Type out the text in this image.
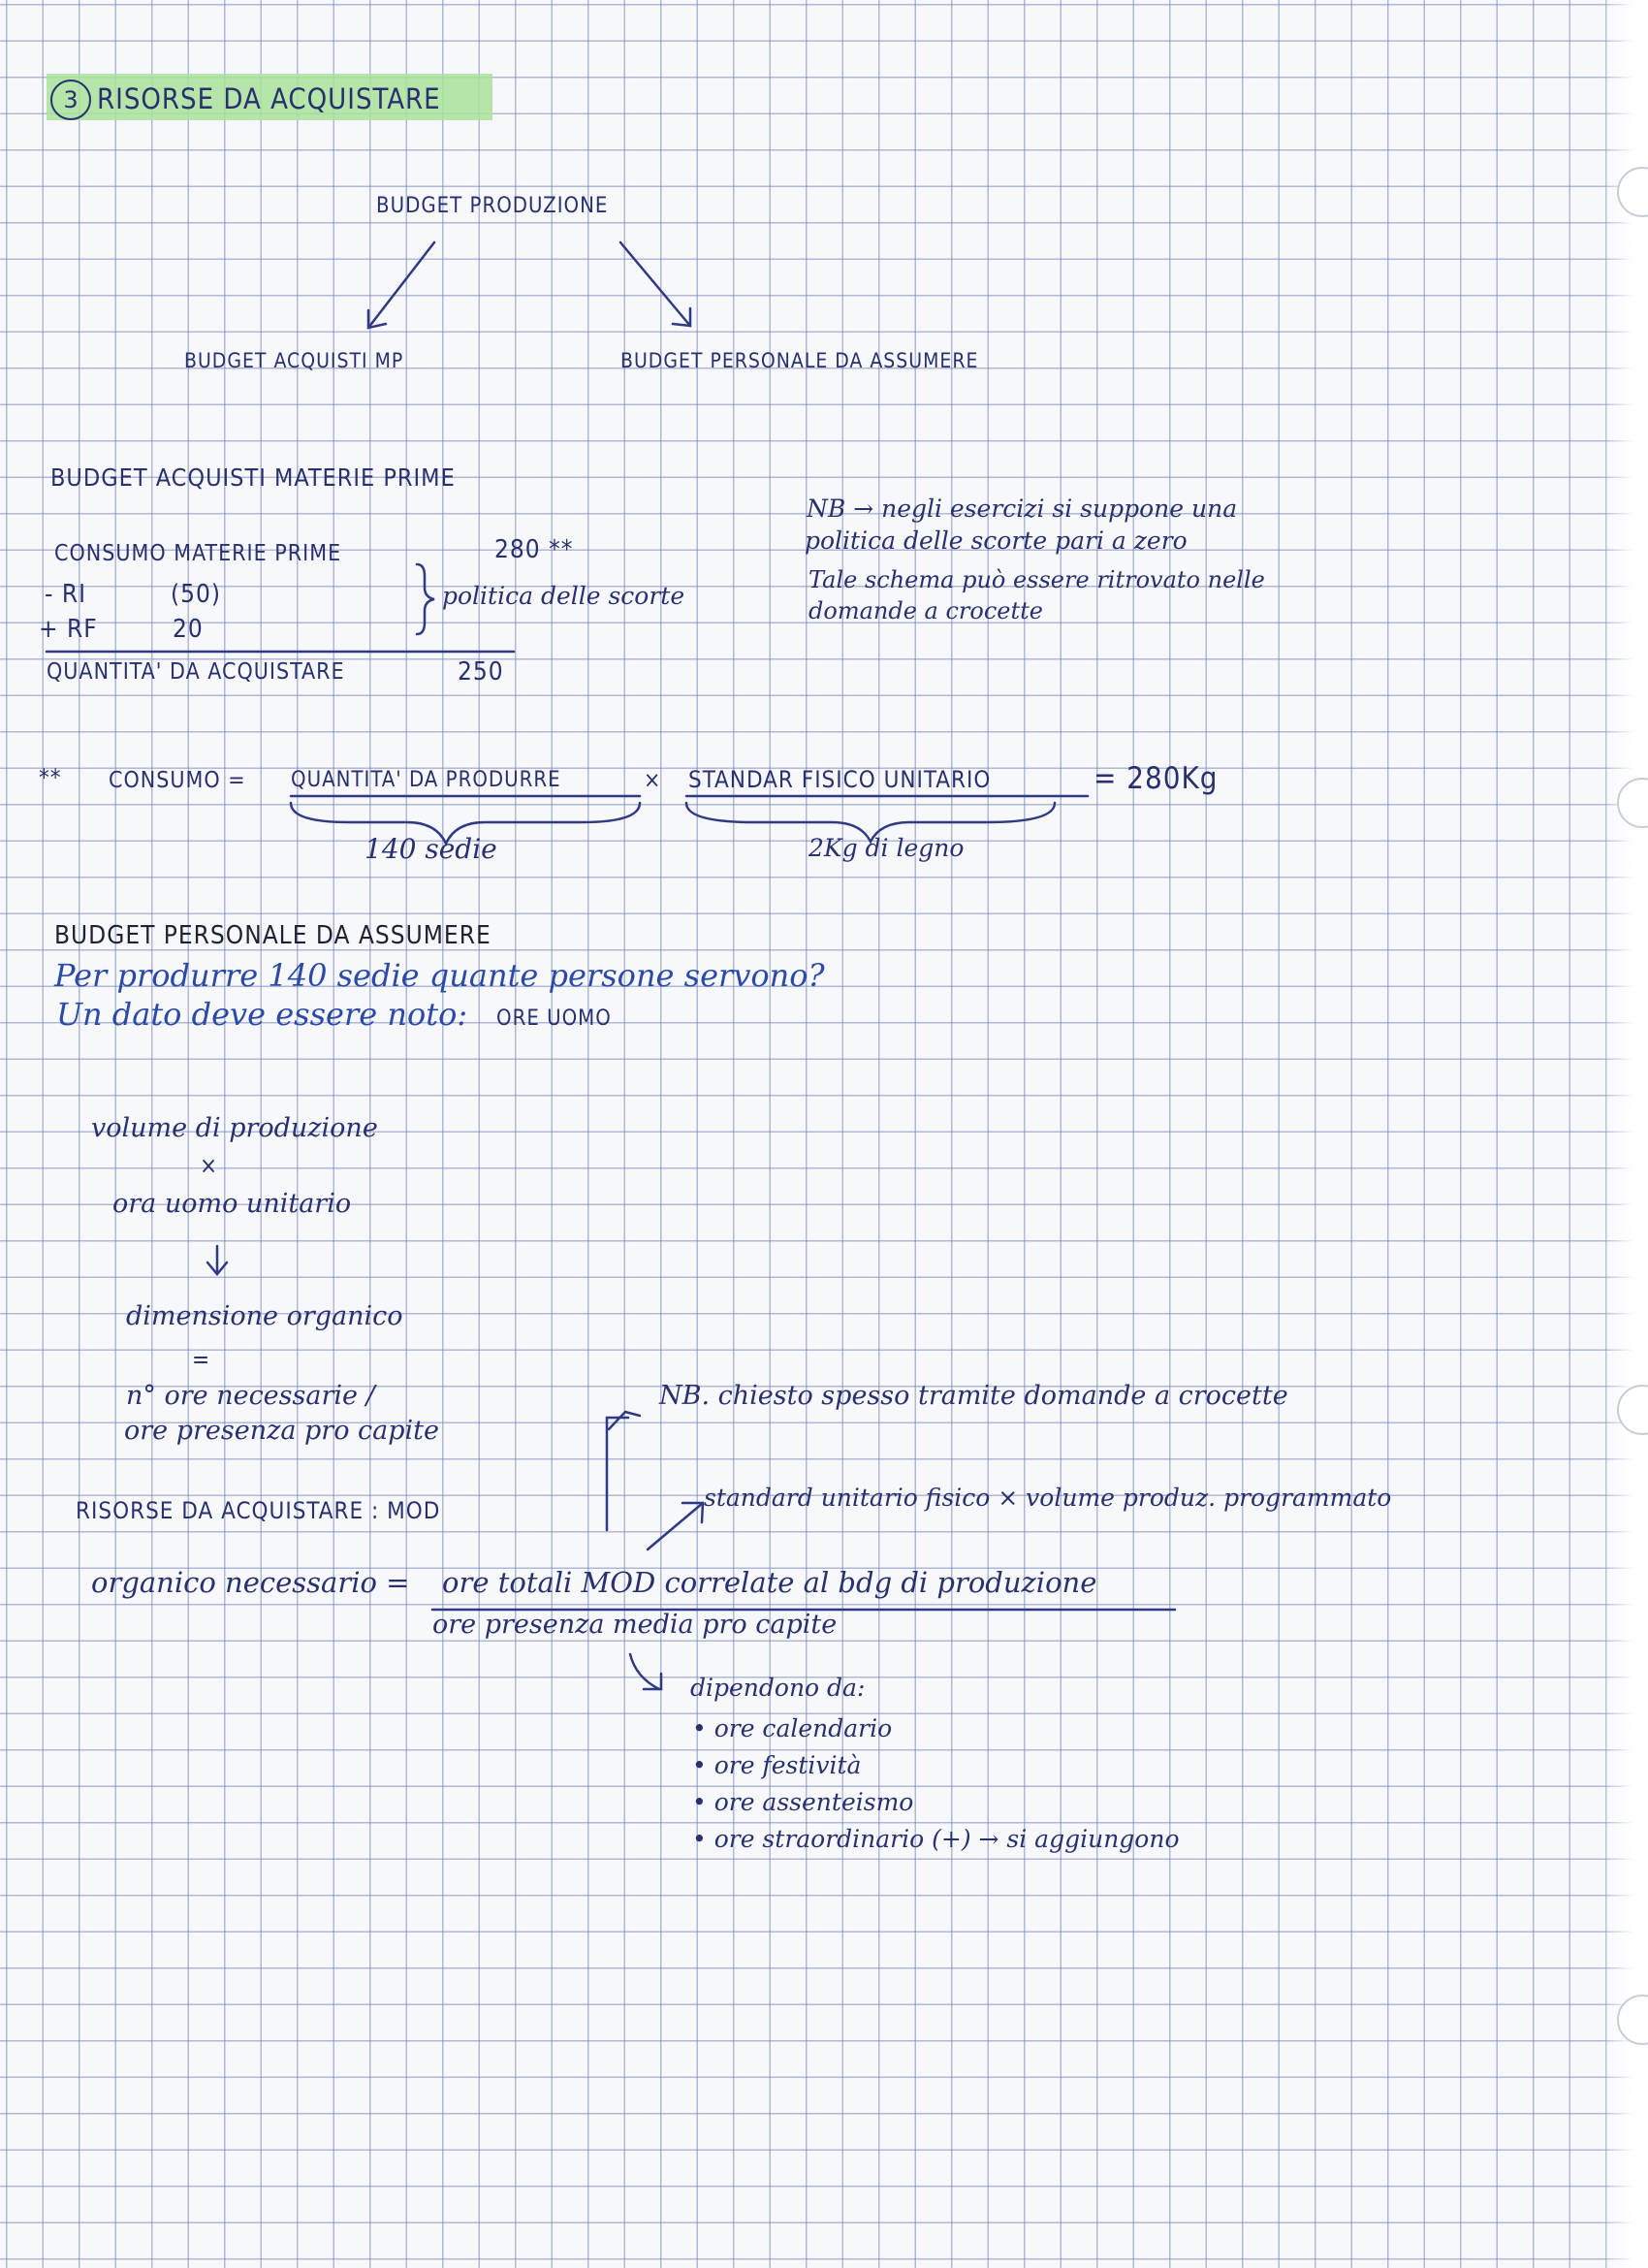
3 RISORSE DA ACQUISTARE
BUDGET PRODUZIONE
BUDGET ACQUISTI MP	BUDGET PERSONALE DA ASSUMERE
BUDGET ACQUISTI MATERIE PRIME
CONSUMO MATERIE PRIME	280 **
- RI	(50)
+ RF	20
politica delle scorte
QUANTITA' DA ACQUISTARE	250
NB → negli esercizi si suppone una
politica delle scorte pari a zero
Tale schema può essere ritrovato nelle
domande a crocette
** CONSUMO = QUANTITA' DA PRODURRE	× STANDAR FISICO UNITARIO	= 280Kg
140 sedie	2Kg di legno
BUDGET PERSONALE DA ASSUMERE
Per produrre 140 sedie quante persone servono?
Un dato deve essere noto: ORE UOMO
volume di produzione
×
ora uomo unitario
dimensione organico
=
n° ore necessarie /
ore presenza pro capite
NB. chiesto spesso tramite domande a crocette
RISORSE DA ACQUISTARE : MOD	standard unitario fisico × volume produz. programmato
organico necessario = ore totali MOD correlate al bdg di produzione
ore presenza media pro capite
dipendono da:
• ore calendario
• ore festività
• ore assenteismo
• ore straordinario (+) → si aggiungono
